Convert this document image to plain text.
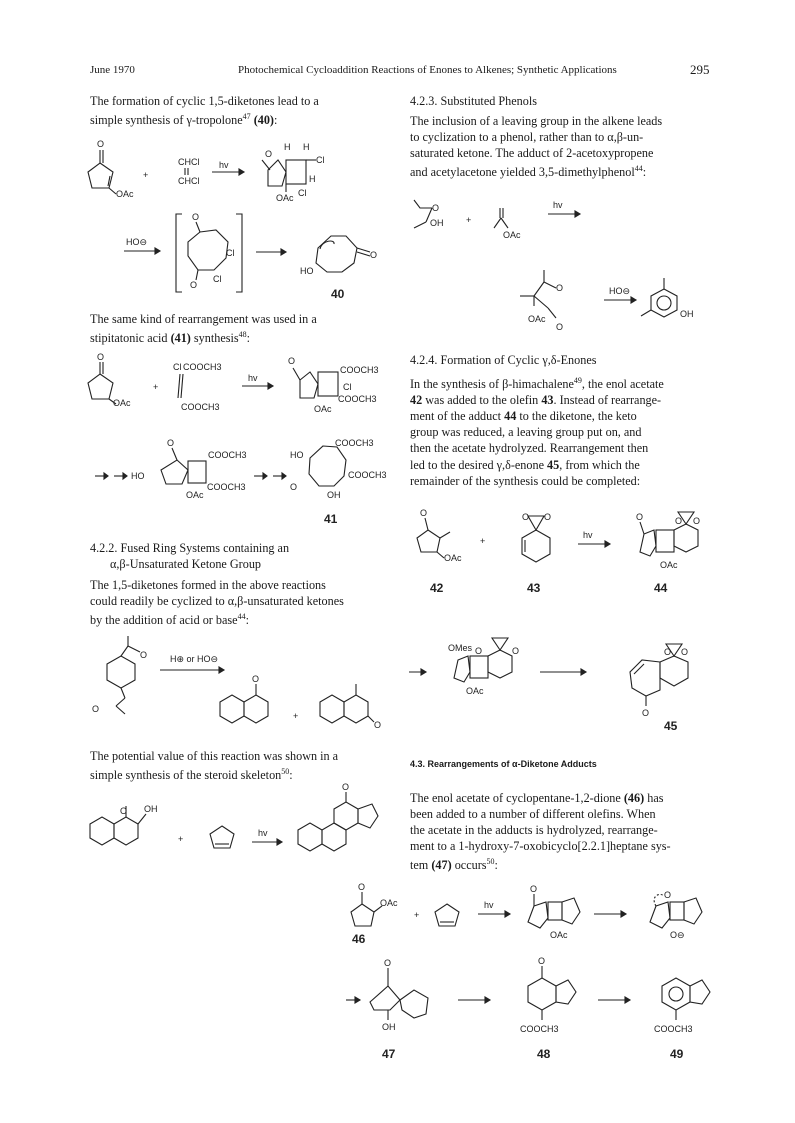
June 1970	Photochemical Cycloaddition Reactions of Enones to Alkenes; Synthetic Applications	295
The formation of cyclic 1,5-diketones lead to a
simple synthesis of γ-tropolone$^{47}$ (40):
The same kind of rearrangement was used in a
stipitatonic acid (41) synthesis$^{48}$:
4.2.2. Fused Ring Systems containing an
α,β-Unsaturated Ketone Group
The 1,5-diketones formed in the above reactions
could readily be cyclized to α,β-unsaturated ketones
by the addition of acid or base$^{44}$:
The potential value of this reaction was shown in a
simple synthesis of the steroid skeleton$^{50}$:
4.2.3. Substituted Phenols
The inclusion of a leaving group in the alkene leads
to cyclization to a phenol, rather than to α,β-un-
saturated ketone. The adduct of 2-acetoxypropene
and acetylacetone yielded 3,5-dimethylphenol$^{44}$:
4.2.4. Formation of Cyclic γ,δ-Enones
In the synthesis of β-himachalene$^{49}$, the enol acetate
42 was added to the olefin 43. Instead of rearrange-
ment of the adduct 44 to the diketone, the keto
group was reduced, a leaving group put on, and
then the acetate hydrolyzed. Rearrangement then
led to the desired γ,δ-enone 45, from which the
remainder of the synthesis could be completed:
4.3. Rearrangements of α-Diketone Adducts
The enol acetate of cyclopentane-1,2-dione (46) has
been added to a number of different olefins. When
the acetate in the adducts is hydrolyzed, rearrange-
ment to a 1-hydroxy-7-oxobicyclo[2.2.1]heptane sys-
tem (47) occurs$^{50}$:
O
OAc
+
CHCl
CHCl
hv
O
H H
Cl
H
OAc Cl
HO⊖
O
O
Cl
Cl
O
HO
40
O
OAc
+
Cl COOCH3
COOCH3
hv
O
COOCH3
Cl
COOCH3
OAc
HO
O
COOCH3
COOCH3
OAc
HO
COOCH3
COOCH3
O
OH
41
O
O
H⊕ or HO⊖
O
+
O
O OH
+
hv
O
O
OH	+
OAc
hv
O
OAc
O
HO⊖
OH
O
OAc
42
+
O O
43
hv
O O
O
OAc
44
OMes O	O
OAc
O O
O
45
O
OAc
46
+
hv
O
OAc
O
O⊖
O
OH
47
O
COOCH3
48
COOCH3
49
